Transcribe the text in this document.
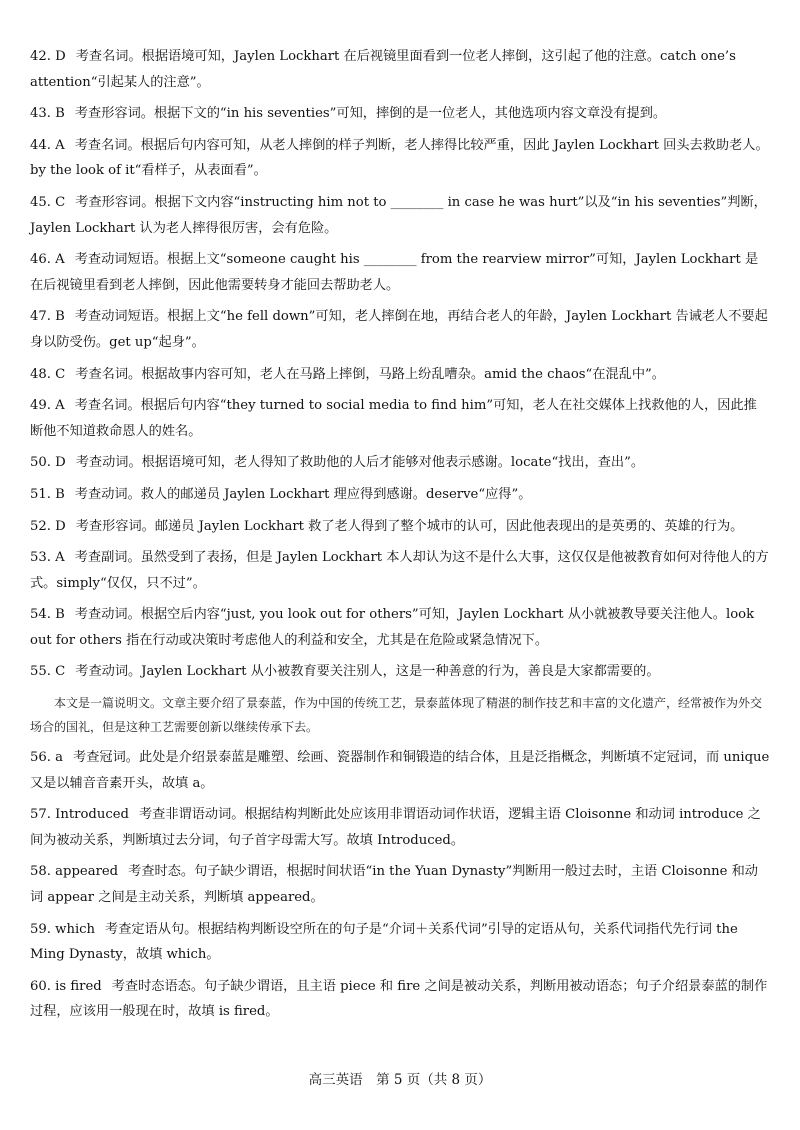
42. D 考查名词。根据语境可知，Jaylen Lockhart 在后视镜里面看到一位老人摔倒，这引起了他的注意。catch one’s attention“引起某人的注意”。
43. B 考查形容词。根据下文的“in his seventies”可知，摔倒的是一位老人，其他选项内容文章没有提到。
44. A 考查名词。根据后句内容可知，从老人摔倒的样子判断，老人摔得比较严重，因此 Jaylen Lockhart 回头去救助老人。by the look of it“看样子，从表面看”。
45. C 考查形容词。根据下文内容“instructing him not to ________ in case he was hurt”以及“in his seventies”判断，Jaylen Lockhart 认为老人摔得很厉害，会有危险。
46. A 考查动词短语。根据上文“someone caught his ________ from the rearview mirror”可知，Jaylen Lockhart 是在后视镜里看到老人摔倒，因此他需要转身才能回去帮助老人。
47. B 考查动词短语。根据上文“he fell down”可知，老人摔倒在地，再结合老人的年龄，Jaylen Lockhart 告诫老人不要起身以防受伤。get up“起身”。
48. C 考查名词。根据故事内容可知，老人在马路上摔倒，马路上纷乱嘈杂。amid the chaos“在混乱中”。
49. A 考查名词。根据后句内容“they turned to social media to find him”可知，老人在社交媒体上找救他的人，因此推断他不知道救命恩人的姓名。
50. D 考查动词。根据语境可知，老人得知了救助他的人后才能够对他表示感谢。locate“找出，查出”。
51. B 考查动词。救人的邮递员 Jaylen Lockhart 理应得到感谢。deserve“应得”。
52. D 考查形容词。邮递员 Jaylen Lockhart 救了老人得到了整个城市的认可，因此他表现出的是英勇的、英雄的行为。
53. A 考查副词。虽然受到了表扬，但是 Jaylen Lockhart 本人却认为这不是什么大事，这仅仅是他被教育如何对待他人的方式。simply“仅仅，只不过”。
54. B 考查动词。根据空后内容“just, you look out for others”可知，Jaylen Lockhart 从小就被教导要关注他人。look out for others 指在行动或决策时考虑他人的利益和安全，尤其是在危险或紧急情况下。
55. C 考查动词。Jaylen Lockhart 从小被教育要关注别人，这是一种善意的行为，善良是大家都需要的。

本文是一篇说明文。文章主要介绍了景泰蓝，作为中国的传统工艺，景泰蓝体现了精湛的制作技艺和丰富的文化遗产，经常被作为外交场合的国礼，但是这种工艺需要创新以继续传承下去。

56. a 考查冠词。此处是介绍景泰蓝是雕塑、绘画、瓷器制作和铜锻造的结合体，且是泛指概念，判断填不定冠词，而 unique 又是以辅音音素开头，故填 a。
57. Introduced 考查非谓语动词。根据结构判断此处应该用非谓语动词作状语，逻辑主语 Cloisonne 和动词 introduce 之间为被动关系，判断填过去分词，句子首字母需大写。故填 Introduced。
58. appeared 考查时态。句子缺少谓语，根据时间状语“in the Yuan Dynasty”判断用一般过去时，主语 Cloisonne 和动词 appear 之间是主动关系，判断填 appeared。
59. which 考查定语从句。根据结构判断设空所在的句子是“介词＋关系代词”引导的定语从句，关系代词指代先行词 the Ming Dynasty，故填 which。
60. is fired 考查时态语态。句子缺少谓语，且主语 piece 和 fire 之间是被动关系，判断用被动语态；句子介绍景泰蓝的制作过程，应该用一般现在时，故填 is fired。
高三英语　第 5 页（共 8 页）
